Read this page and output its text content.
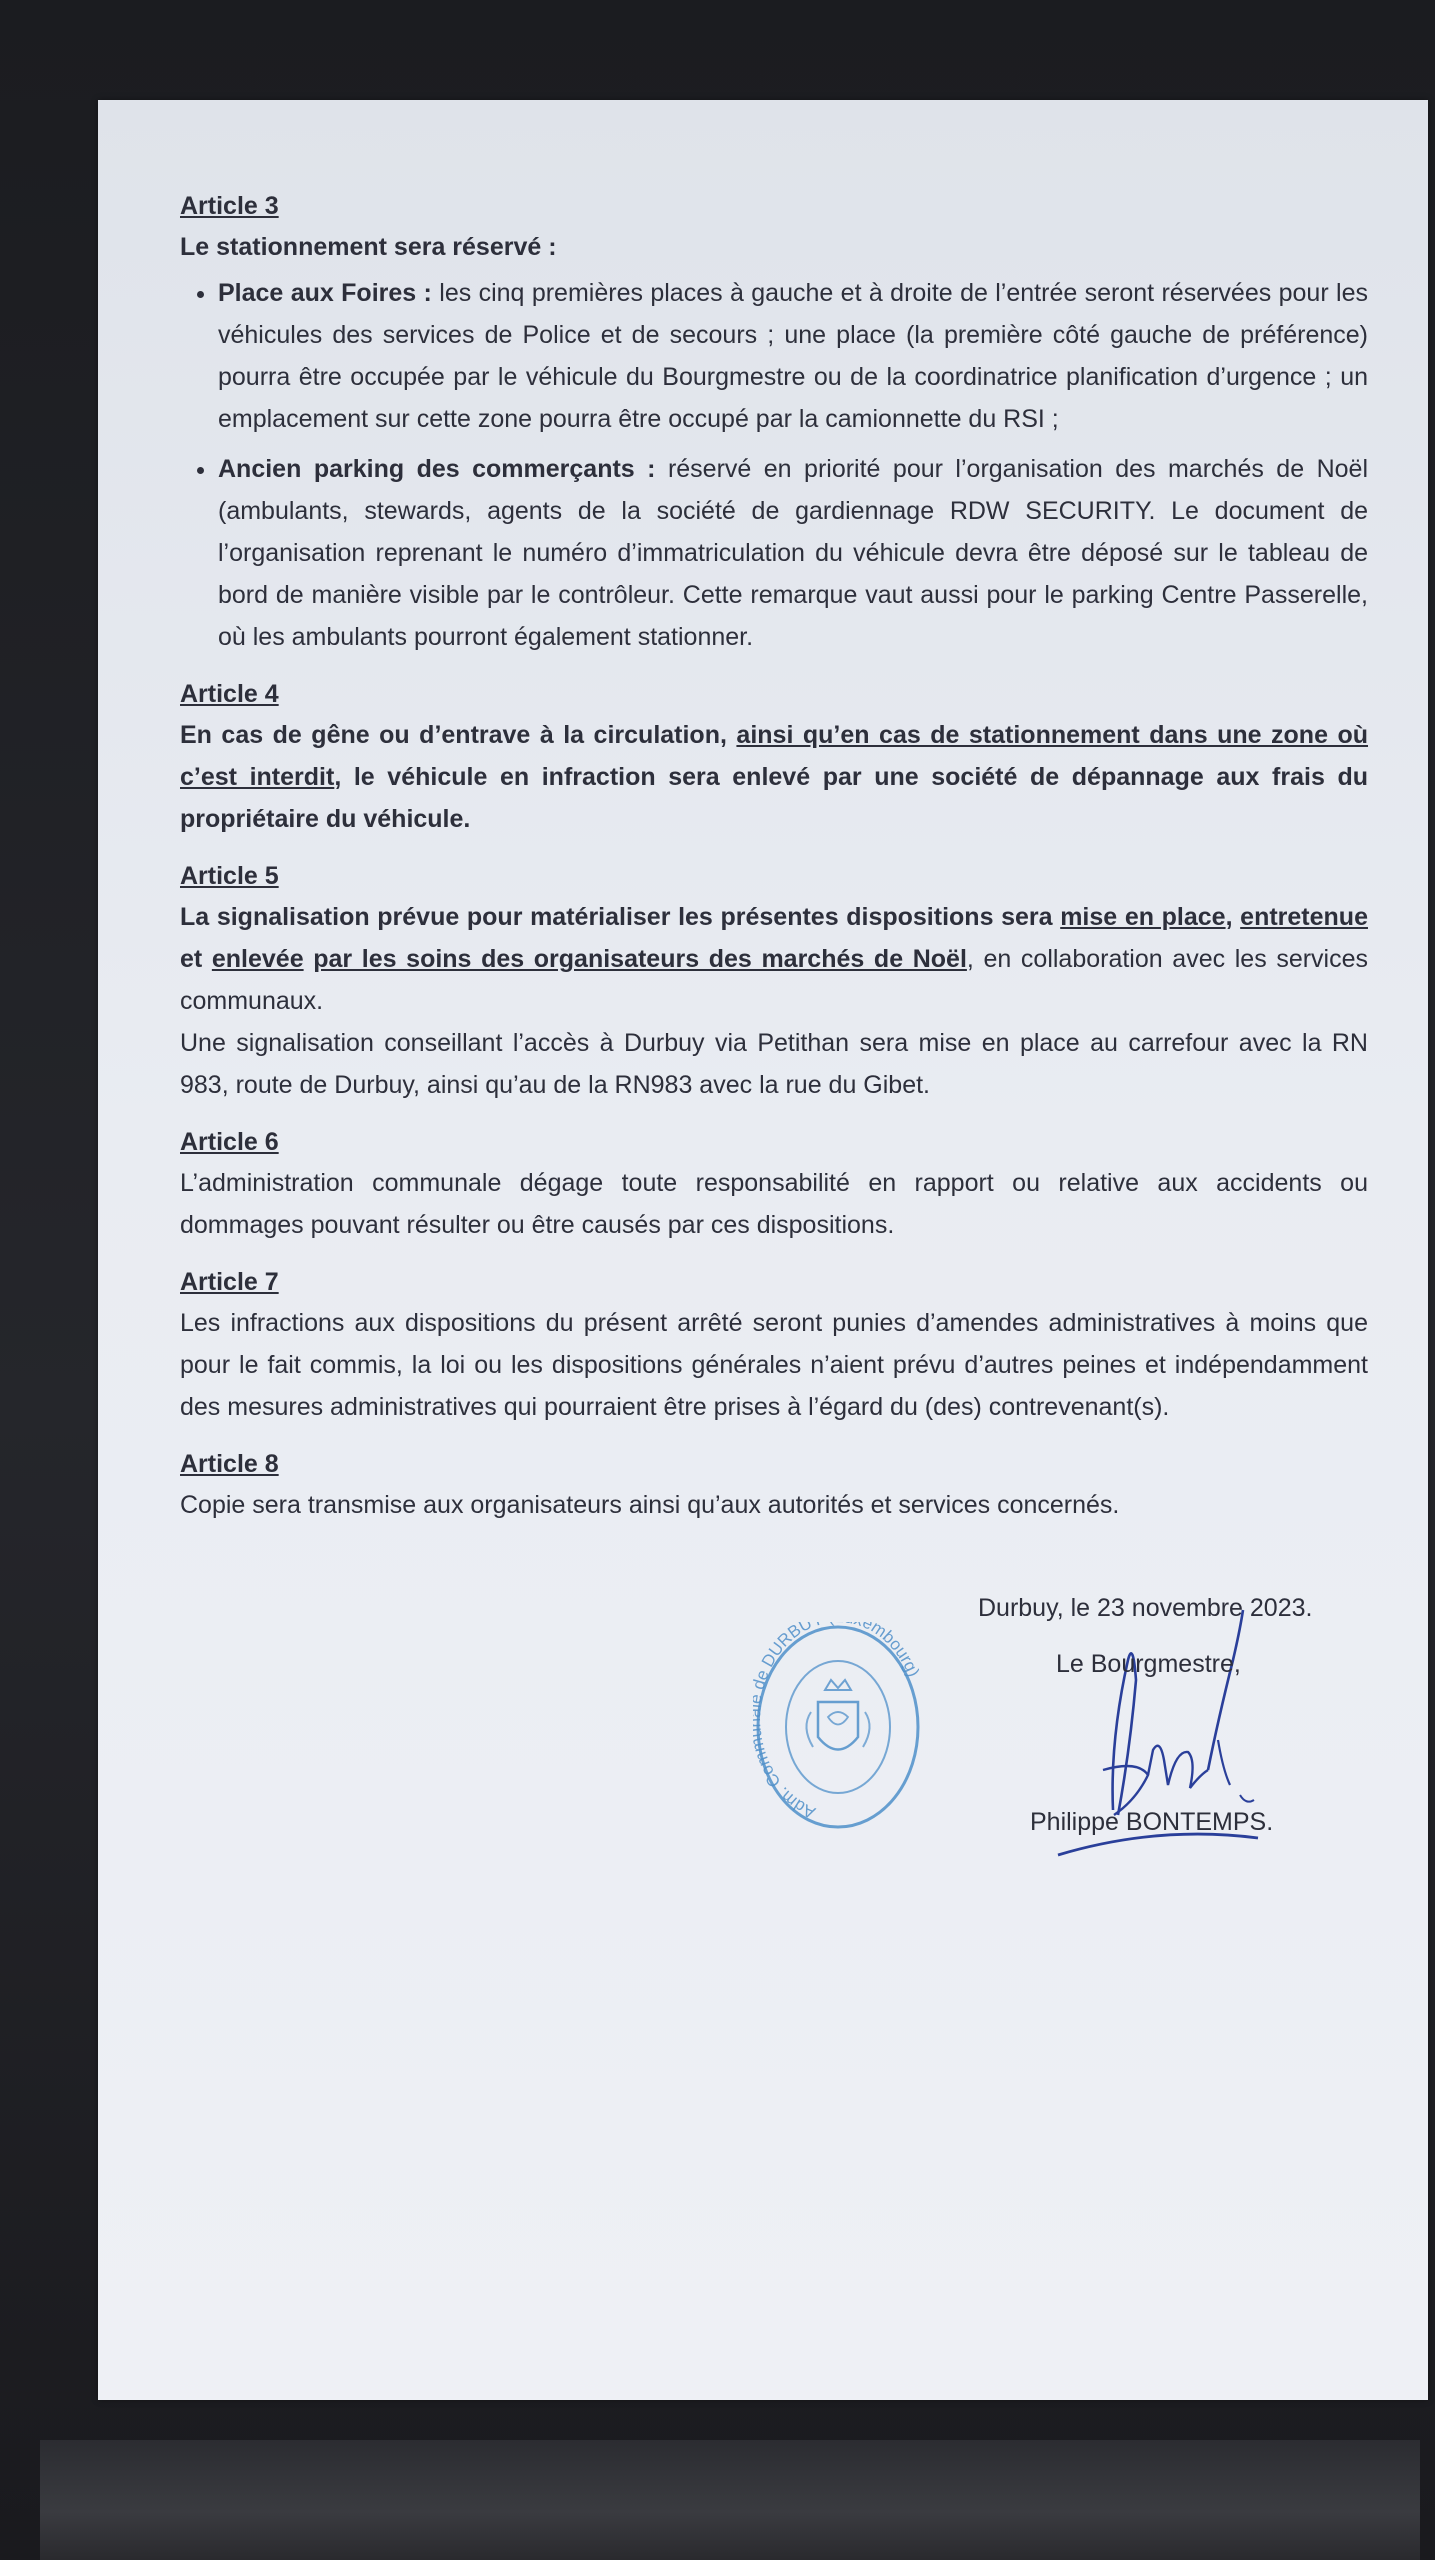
Article 3

Le stationnement sera réservé :

• Place aux Foires : les cinq premières places à gauche et à droite de l’entrée seront réservées pour les véhicules des services de Police et de secours ; une place (la première côté gauche de préférence) pourra être occupée par le véhicule du Bourgmestre ou de la coordinatrice planification d’urgence ; un emplacement sur cette zone pourra être occupé par la camionnette du RSI ;
• Ancien parking des commerçants : réservé en priorité pour l’organisation des marchés de Noël (ambulants, stewards, agents de la société de gardiennage RDW SECURITY. Le document de l’organisation reprenant le numéro d’immatriculation du véhicule devra être déposé sur le tableau de bord de manière visible par le contrôleur. Cette remarque vaut aussi pour le parking Centre Passerelle, où les ambulants pourront également stationner.

Article 4

En cas de gêne ou d’entrave à la circulation, ainsi qu’en cas de stationnement dans une zone où c’est interdit, le véhicule en infraction sera enlevé par une société de dépannage aux frais du propriétaire du véhicule.

Article 5

La signalisation prévue pour matérialiser les présentes dispositions sera mise en place, entretenue et enlevée par les soins des organisateurs des marchés de Noël, en collaboration avec les services communaux.

Une signalisation conseillant l’accès à Durbuy via Petithan sera mise en place au carrefour avec la RN 983, route de Durbuy, ainsi qu’au de la RN983 avec la rue du Gibet.

Article 6

L’administration communale dégage toute responsabilité en rapport ou relative aux accidents ou dommages pouvant résulter ou être causés par ces dispositions.

Article 7

Les infractions aux dispositions du présent arrêté seront punies d’amendes administratives à moins que pour le fait commis, la loi ou les dispositions générales n’aient prévu d’autres peines et indépendamment des mesures administratives qui pourraient être prises à l’égard du (des) contrevenant(s).

Article 8

Copie sera transmise aux organisateurs ainsi qu’aux autorités et services concernés.

Adm. Com e DURBU embourg)
Durbuy, le 23 novembre 2023.
Le Bourgmestre,
Philippe BONTEMPS.
